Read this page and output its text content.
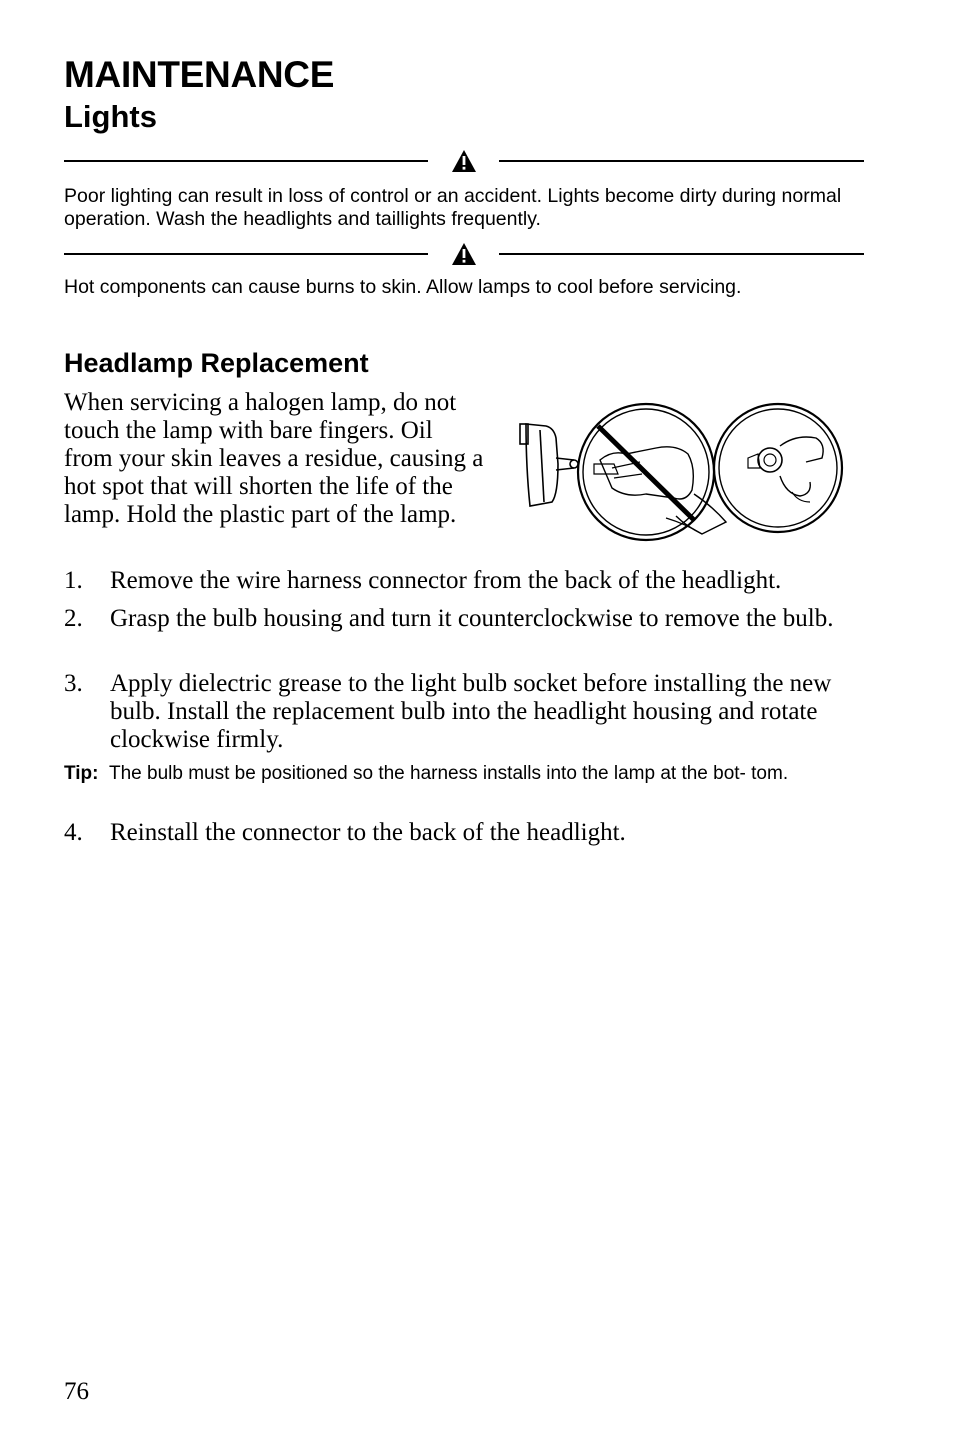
MAINTENANCE
Lights
Poor lighting can result in loss of control or an accident. Lights become dirty during normal operation. Wash the headlights and taillights frequently.
Hot components can cause burns to skin. Allow lamps to cool before servicing.
Headlamp Replacement
When servicing a halogen lamp, do not touch the lamp with bare fingers. Oil from your skin leaves a residue, causing a hot spot that will shorten the life of the lamp. Hold the plastic part of the lamp.
1. Remove the wire harness connector from the back of the headlight.
2. Grasp the bulb housing and turn it counterclockwise to remove the bulb.
3. Apply dielectric grease to the light bulb socket before installing the new bulb. Install the replacement bulb into the headlight housing and rotate clockwise firmly.
Tip: The bulb must be positioned so the harness installs into the lamp at the bot- tom.
4. Reinstall the connector to the back of the headlight.
76
